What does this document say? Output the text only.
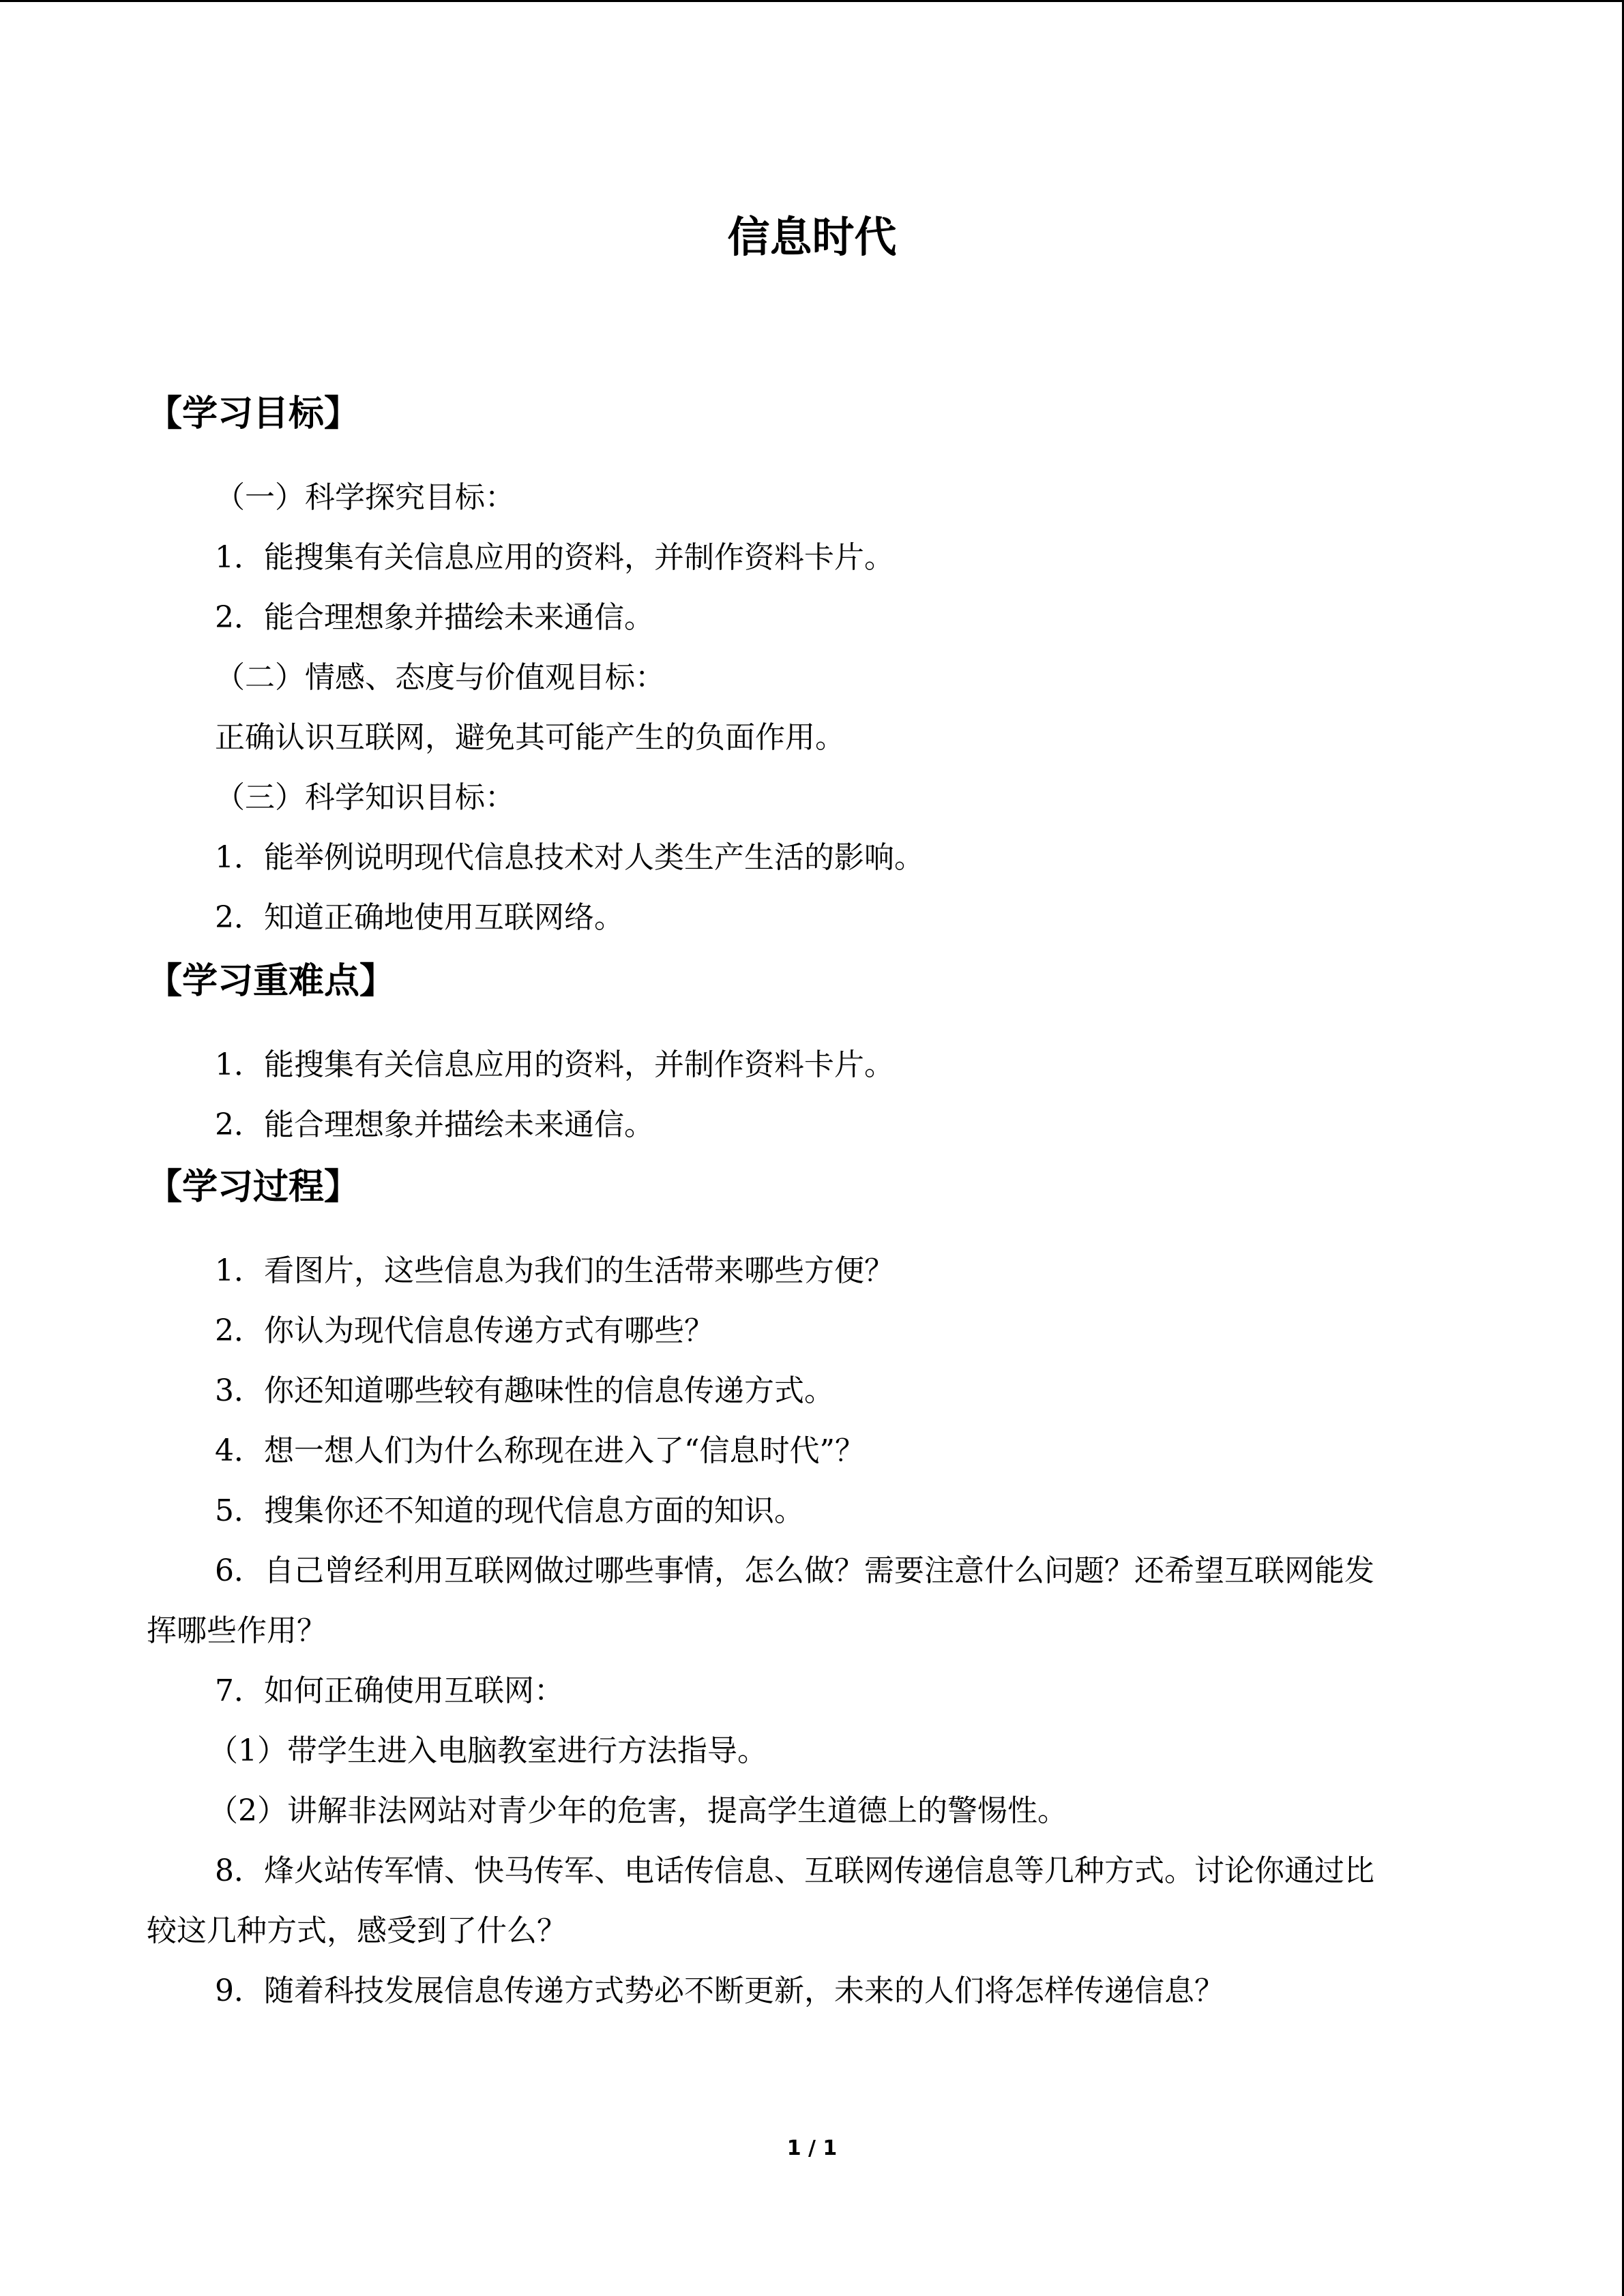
信息时代
【学习目标】
（一）科学探究目标：
1．能搜集有关信息应用的资料，并制作资料卡片。
2．能合理想象并描绘未来通信。
（二）情感、态度与价值观目标：
正确认识互联网，避免其可能产生的负面作用。
（三）科学知识目标：
1．能举例说明现代信息技术对人类生产生活的影响。
2．知道正确地使用互联网络。
【学习重难点】
1．能搜集有关信息应用的资料，并制作资料卡片。
2．能合理想象并描绘未来通信。
【学习过程】
1．看图片，这些信息为我们的生活带来哪些方便？
2．你认为现代信息传递方式有哪些？
3．你还知道哪些较有趣味性的信息传递方式。
4．想一想人们为什么称现在进入了“信息时代”？
5．搜集你还不知道的现代信息方面的知识。
6．自己曾经利用互联网做过哪些事情，怎么做？需要注意什么问题？还希望互联网能发
挥哪些作用？
7．如何正确使用互联网：
（1）带学生进入电脑教室进行方法指导。
（2）讲解非法网站对青少年的危害，提高学生道德上的警惕性。
8．烽火站传军情、快马传军、电话传信息、互联网传递信息等几种方式。讨论你通过比
较这几种方式，感受到了什么？
9．随着科技发展信息传递方式势必不断更新，未来的人们将怎样传递信息？
1 / 1
